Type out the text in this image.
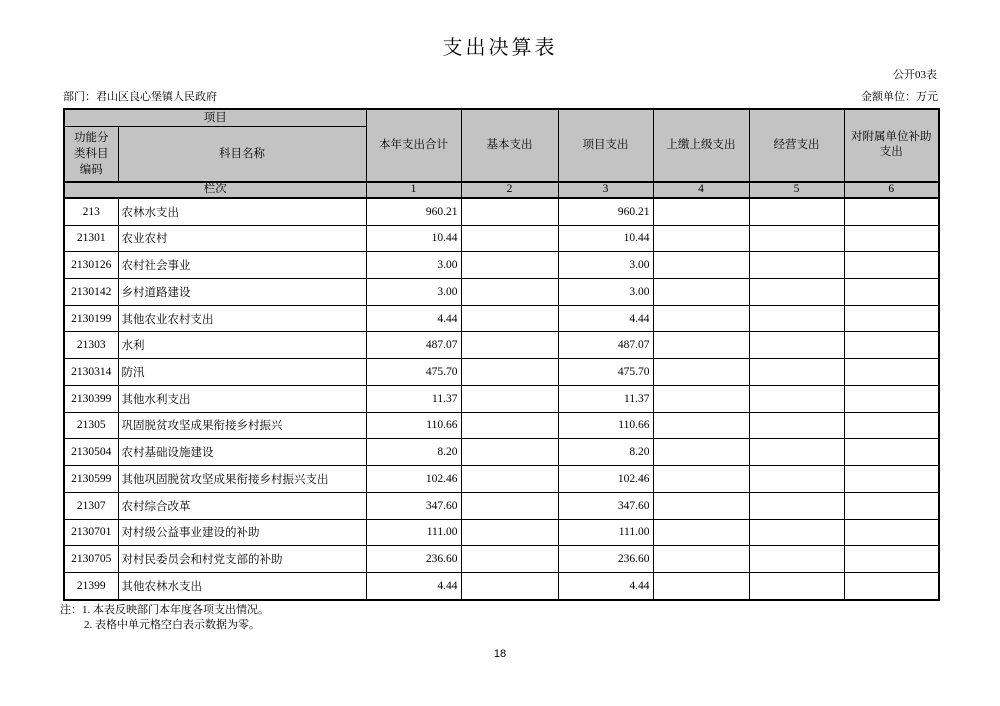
支出决算表
公开03表
部门：君山区良心堡镇人民政府	金额单位：万元
项目		本年支出合计	基本支出	项目支出	上缴上级支出	经营支出	对附属单位补助支出
功能分类科目编码	科目名称						
栏次		1	2	3	4	5	6
213	农林水支出	960.21		960.21			
21301	农业农村	10.44		10.44			
2130126	农村社会事业	3.00		3.00			
2130142	乡村道路建设	3.00		3.00			
2130199	其他农业农村支出	4.44		4.44			
21303	水利	487.07		487.07			
2130314	防汛	475.70		475.70			
2130399	其他水利支出	11.37		11.37			
21305	巩固脱贫攻坚成果衔接乡村振兴	110.66		110.66			
2130504	农村基础设施建设	8.20		8.20			
2130599	其他巩固脱贫攻坚成果衔接乡村振兴支出	102.46		102.46			
21307	农村综合改革	347.60		347.60			
2130701	对村级公益事业建设的补助	111.00		111.00			
2130705	对村民委员会和村党支部的补助	236.60		236.60			
21399	其他农林水支出	4.44		4.44			
注：1. 本表反映部门本年度各项支出情况。
2. 表格中单元格空白表示数据为零。
18
